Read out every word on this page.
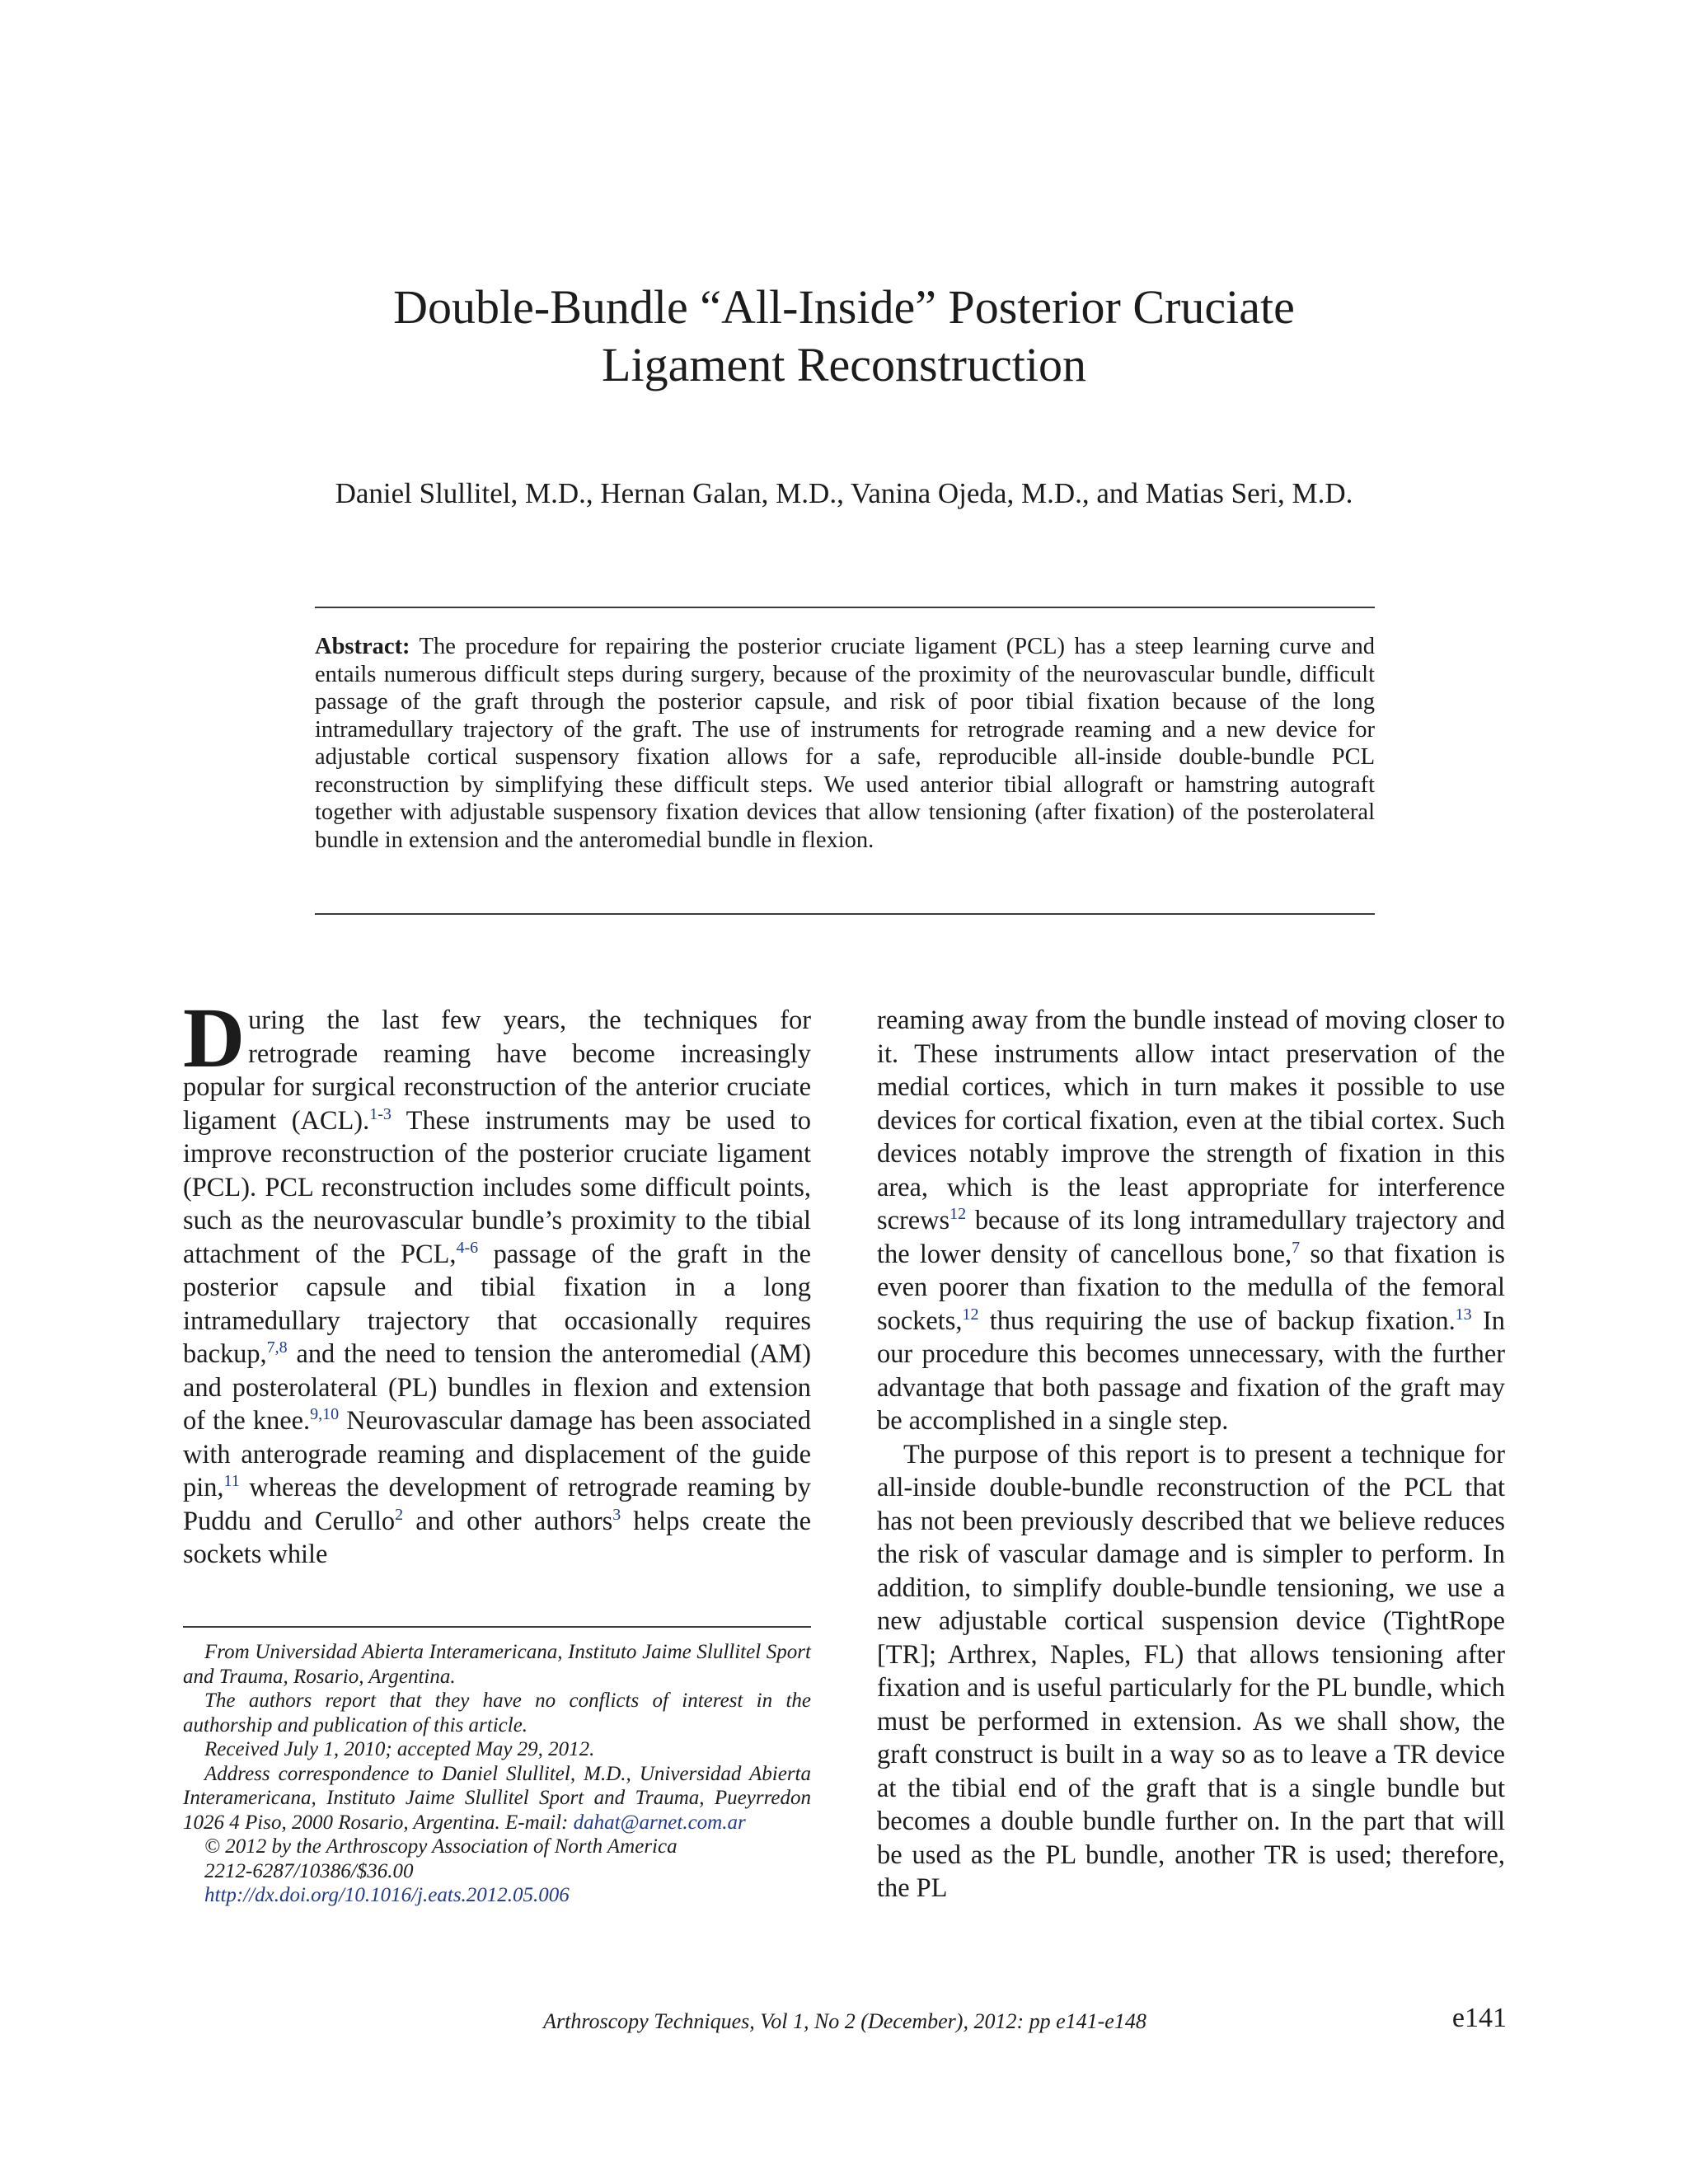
Double-Bundle “All-Inside” Posterior Cruciate
Ligament Reconstruction
Daniel Slullitel, M.D., Hernan Galan, M.D., Vanina Ojeda, M.D., and Matias Seri, M.D.
Abstract: The procedure for repairing the posterior cruciate ligament (PCL) has a steep learning curve and entails numerous difficult steps during surgery, because of the proximity of the neurovascular bundle, difficult passage of the graft through the posterior capsule, and risk of poor tibial fixation because of the long intramedullary trajectory of the graft. The use of instruments for retrograde reaming and a new device for adjustable cortical suspensory fixation allows for a safe, reproducible all-inside double-bundle PCL reconstruction by simplifying these difficult steps. We used anterior tibial allograft or hamstring autograft together with adjustable suspensory fixation devices that allow tensioning (after fixation) of the posterolateral bundle in extension and the anteromedial bundle in flexion.

During the last few years, the techniques for retrograde reaming have become increasingly popular for surgical reconstruction of the anterior cruciate ligament (ACL).$^{1-3}$ These instruments may be used to improve reconstruction of the posterior cruciate ligament (PCL). PCL reconstruction includes some difficult points, such as the neurovascular bundle’s proximity to the tibial attachment of the PCL,$^{4-6}$ passage of the graft in the posterior capsule and tibial fixation in a long intramedullary trajectory that occasionally requires backup,$^{7,8}$ and the need to tension the anteromedial (AM) and posterolateral (PL) bundles in flexion and extension of the knee.$^{9,10}$ Neurovascular damage has been associated with anterograde reaming and displacement of the guide pin,$^{11}$ whereas the development of retrograde reaming by Puddu and Cerullo$^2$ and other authors$^3$ helps create the sockets while

reaming away from the bundle instead of moving closer to it. These instruments allow intact preservation of the medial cortices, which in turn makes it possible to use devices for cortical fixation, even at the tibial cortex. Such devices notably improve the strength of fixation in this area, which is the least appropriate for interference screws$^{12}$ because of its long intramedullary trajectory and the lower density of cancellous bone,$^7$ so that fixation is even poorer than fixation to the medulla of the femoral sockets,$^{12}$ thus requiring the use of backup fixation.$^{13}$ In our procedure this becomes unnecessary, with the further advantage that both passage and fixation of the graft may be accomplished in a single step.

The purpose of this report is to present a technique for all-inside double-bundle reconstruction of the PCL that has not been previously described that we believe reduces the risk of vascular damage and is simpler to perform. In addition, to simplify double-bundle tensioning, we use a new adjustable cortical suspension device (TightRope [TR]; Arthrex, Naples, FL) that allows tensioning after fixation and is useful particularly for the PL bundle, which must be performed in extension. As we shall show, the graft construct is built in a way so as to leave a TR device at the tibial end of the graft that is a single bundle but becomes a double bundle further on. In the part that will be used as the PL bundle, another TR is used; therefore, the PL

From Universidad Abierta Interamericana, Instituto Jaime Slullitel Sport and Trauma, Rosario, Argentina.

The authors report that they have no conflicts of interest in the authorship and publication of this article.

Received July 1, 2010; accepted May 29, 2012.

Address correspondence to Daniel Slullitel, M.D., Universidad Abierta Interamericana, Instituto Jaime Slullitel Sport and Trauma, Pueyrredon 1026 4 Piso, 2000 Rosario, Argentina. E-mail: dahat@arnet.com.ar

© 2012 by the Arthroscopy Association of North America

2212-6287/10386/$36.00

http://dx.doi.org/10.1016/j.eats.2012.05.006

Arthroscopy Techniques, Vol 1, No 2 (December), 2012: pp e141-e148	e141
